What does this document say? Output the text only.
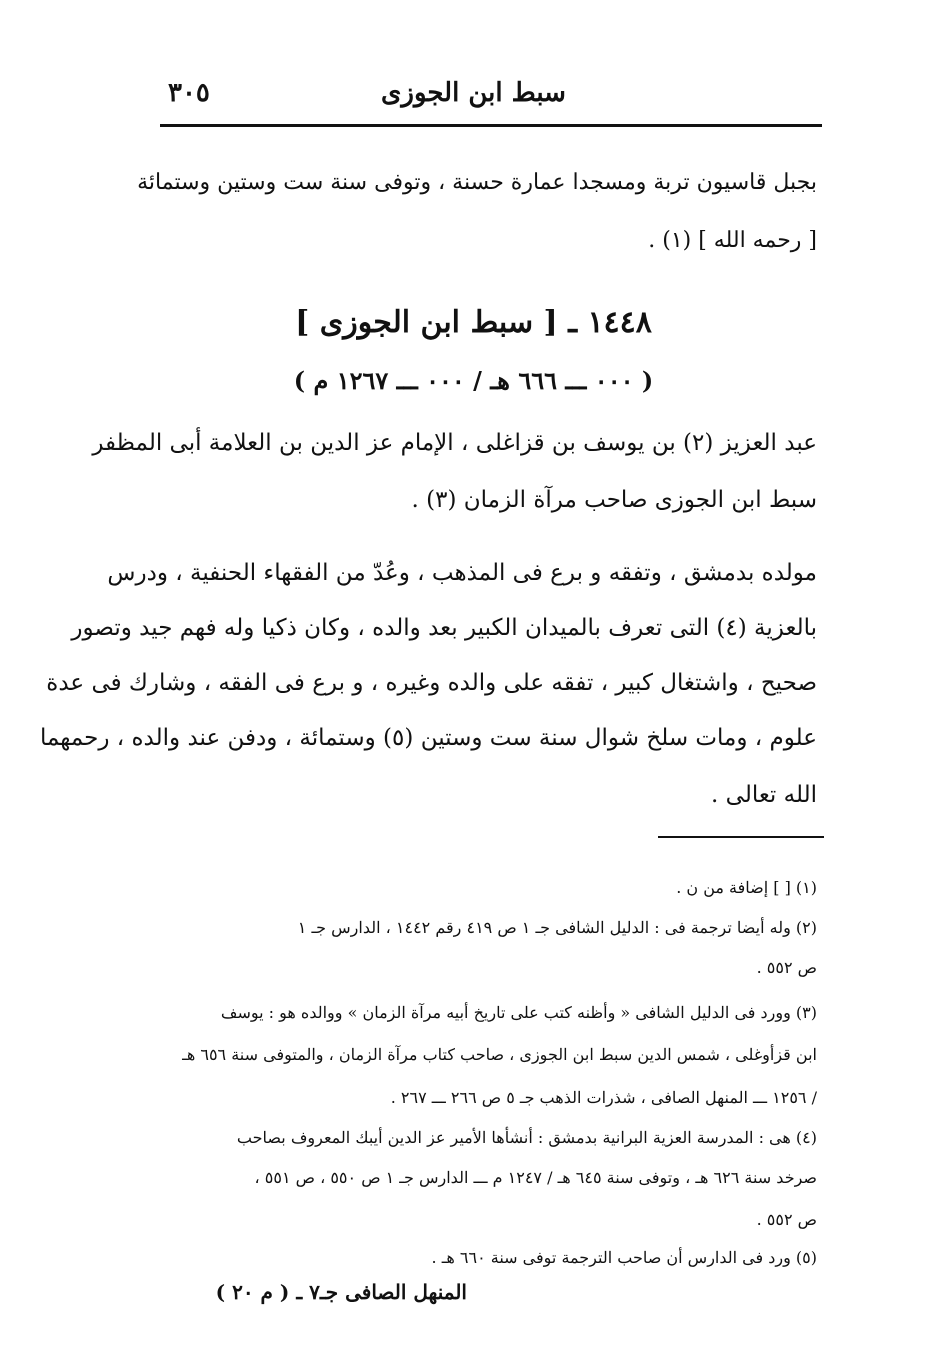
سبط ابن الجوزى
٣٠٥
بجبل قاسيون تربة ومسجدا عمارة حسنة ، وتوفى سنة ست وستين وستمائة
[ رحمه الله ] (١) .
١٤٤٨ ـ [ سبط ابن الجوزى ]
( ٠٠٠ ـــ ٦٦٦ هـ / ٠٠٠ ـــ ١٢٦٧ م )
عبد العزيز (٢) بن يوسف بن قزاغلى ، الإمام عز الدين بن العلامة أبى المظفر
سبط ابن الجوزى صاحب مرآة الزمان (٣) .
مولده بدمشق ، وتفقه و برع فى المذهب ، وعُدّ من الفقهاء الحنفية ، ودرس
بالعزية (٤) التى تعرف بالميدان الكبير بعد والده ، وكان ذكيا وله فهم جيد وتصور
صحيح ، واشتغال كبير ، تفقه على والده وغيره ، و برع فى الفقه ، وشارك فى عدة
علوم ، ومات سلخ شوال سنة ست وستين (٥) وستمائة ، ودفن عند والده ، رحمهما
الله تعالى .
(١) [ ] إضافة من ن .
(٢) وله أيضا ترجمة فى : الدليل الشافى جـ ١ ص ٤١٩ رقم ١٤٤٢ ، الدارس جـ ١
ص ٥٥٢ .
(٣) وورد فى الدليل الشافى « وأظنه كتب على تاريخ أبيه مرآة الزمان » ووالده هو : يوسف
ابن قزأوغلى ، شمس الدين سبط ابن الجوزى ، صاحب كتاب مرآة الزمان ، والمتوفى سنة ٦٥٦ هـ
/ ١٢٥٦ ـــ المنهل الصافى ، شذرات الذهب جـ ٥ ص ٢٦٦ ـــ ٢٦٧ .
(٤) هى : المدرسة العزية البرانية بدمشق : أنشأها الأمير عز الدين أيبك المعروف بصاحب
صرخد سنة ٦٢٦ هـ ، وتوفى سنة ٦٤٥ هـ / ١٢٤٧ م ـــ الدارس جـ ١ ص ٥٥٠ ، ص ٥٥١ ،
ص ٥٥٢ .
(٥) ورد فى الدارس أن صاحب الترجمة توفى سنة ٦٦٠ هـ .
المنهل الصافى جـ٧ ـ ( م ٢٠ )
